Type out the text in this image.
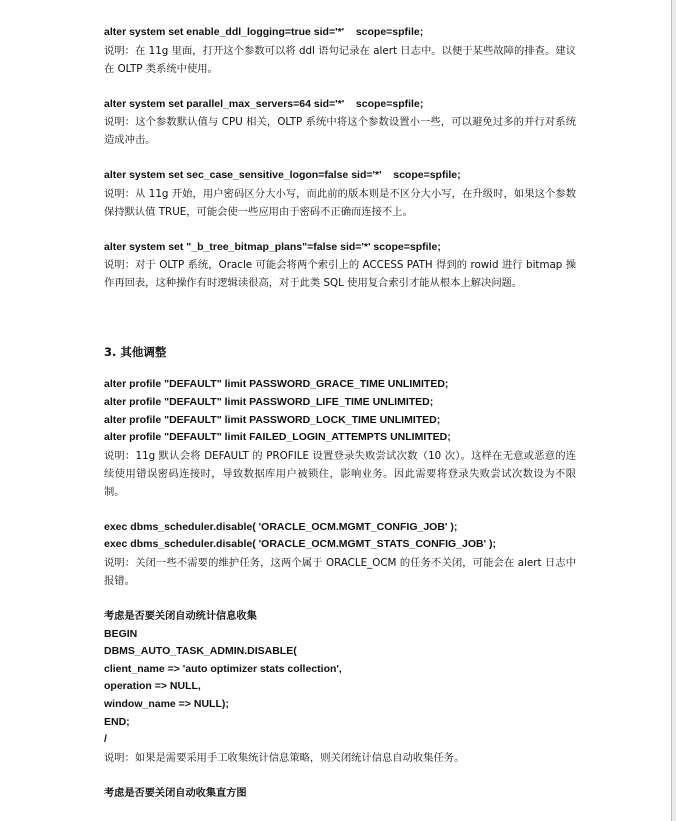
alter system set enable_ddl_logging=true sid='*'    scope=spfile;

说明：在 11g 里面，打开这个参数可以将 ddl 语句记录在 alert 日志中。以便于某些故障的排查。建议在 OLTP 类系统中使用。

alter system set parallel_max_servers=64 sid='*'    scope=spfile;

说明：这个参数默认值与 CPU 相关，OLTP 系统中将这个参数设置小一些，可以避免过多的并行对系统造成冲击。

alter system set sec_case_sensitive_logon=false sid='*'    scope=spfile;

说明：从 11g 开始，用户密码区分大小写，而此前的版本则是不区分大小写，在升级时，如果这个参数保持默认值 TRUE，可能会使一些应用由于密码不正确而连接不上。

alter system set "_b_tree_bitmap_plans"=false sid='*' scope=spfile;

说明：对于 OLTP 系统，Oracle 可能会将两个索引上的 ACCESS PATH 得到的 rowid 进行 bitmap 操作再回表，这种操作有时逻辑读很高，对于此类 SQL 使用复合索引才能从根本上解决问题。

3. 其他调整

alter profile "DEFAULT" limit PASSWORD_GRACE_TIME UNLIMITED;

alter profile "DEFAULT" limit PASSWORD_LIFE_TIME UNLIMITED;

alter profile "DEFAULT" limit PASSWORD_LOCK_TIME UNLIMITED;

alter profile "DEFAULT" limit FAILED_LOGIN_ATTEMPTS UNLIMITED;

说明：11g 默认会将 DEFAULT 的 PROFILE 设置登录失败尝试次数（10 次）。这样在无意或恶意的连续使用错误密码连接时，导致数据库用户被锁住，影响业务。因此需要将登录失败尝试次数设为不限制。

exec dbms_scheduler.disable( 'ORACLE_OCM.MGMT_CONFIG_JOB' );

exec dbms_scheduler.disable( 'ORACLE_OCM.MGMT_STATS_CONFIG_JOB' );

说明：关闭一些不需要的维护任务，这两个属于 ORACLE_OCM 的任务不关闭，可能会在 alert 日志中报错。

考虑是否要关闭自动统计信息收集

BEGIN

DBMS_AUTO_TASK_ADMIN.DISABLE(

client_name => 'auto optimizer stats collection',

operation => NULL,

window_name => NULL);

END;

/

说明：如果是需要采用手工收集统计信息策略，则关闭统计信息自动收集任务。

考虑是否要关闭自动收集直方图
